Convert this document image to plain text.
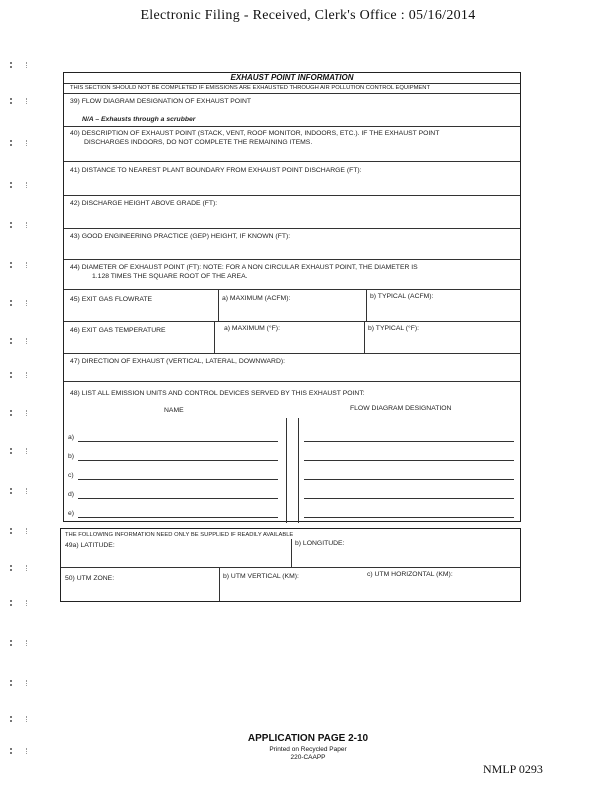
Electronic Filing - Received, Clerk's Office : 05/16/2014
EXHAUST POINT INFORMATION
THIS SECTION SHOULD NOT BE COMPLETED IF EMISSIONS ARE EXHAUSTED THROUGH AIR POLLUTION CONTROL EQUIPMENT
39) FLOW DIAGRAM DESIGNATION OF EXHAUST POINT
N/A – Exhausts through a scrubber
40) DESCRIPTION OF EXHAUST POINT (STACK, VENT, ROOF MONITOR, INDOORS, ETC.). IF THE EXHAUST POINT
DISCHARGES INDOORS, DO NOT COMPLETE THE REMAINING ITEMS.
41) DISTANCE TO NEAREST PLANT BOUNDARY FROM EXHAUST POINT DISCHARGE (FT):
42) DISCHARGE HEIGHT ABOVE GRADE (FT):
43) GOOD ENGINEERING PRACTICE (GEP) HEIGHT, IF KNOWN (FT):
44) DIAMETER OF EXHAUST POINT (FT): NOTE: FOR A NON CIRCULAR EXHAUST POINT, THE DIAMETER IS
1.128 TIMES THE SQUARE ROOT OF THE AREA.
45) EXIT GAS FLOWRATE	a) MAXIMUM (ACFM):	b) TYPICAL (ACFM):
46) EXIT GAS TEMPERATURE	a) MAXIMUM (°F):	b) TYPICAL (°F):
47) DIRECTION OF EXHAUST (VERTICAL, LATERAL, DOWNWARD):
48) LIST ALL EMISSION UNITS AND CONTROL DEVICES SERVED BY THIS EXHAUST POINT:
NAME	FLOW DIAGRAM DESIGNATION
a)
b)
c)
d)
e)
THE FOLLOWING INFORMATION NEED ONLY BE SUPPLIED IF READILY AVAILABLE
49a) LATITUDE:	b) LONGITUDE:
50) UTM ZONE:	b) UTM VERTICAL (KM):	c) UTM HORIZONTAL (KM):
APPLICATION PAGE 2-10
Printed on Recycled Paper
220-CAAPP
NMLP 0293
